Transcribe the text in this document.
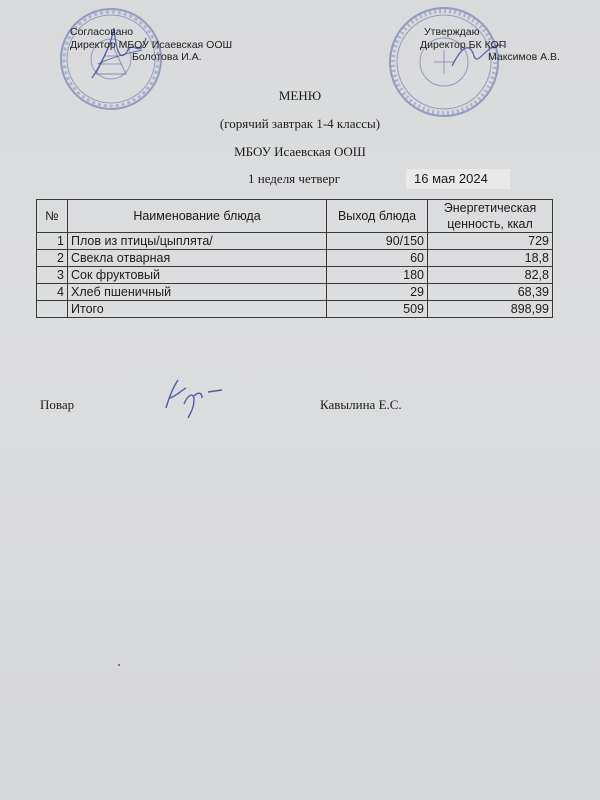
Согласовано
Директор МБОУ Исаевская ООШ
Болотова И.А.
Утверждаю
Директор БК КОП
Максимов А.В.
МЕНЮ
(горячий завтрак 1-4 классы)
МБОУ Исаевская ООШ
1 неделя четверг	16 мая 2024
№	Наименование блюда	Выход блюда	Энергетическая ценность, ккал
1	Плов из птицы/цыплята/	90/150	729
2	Свекла отварная	60	18,8
3	Сок фруктовый	180	82,8
4	Хлеб пшеничный	29	68,39
	Итого	509	898,99
Повар	Кавылина Е.С.
